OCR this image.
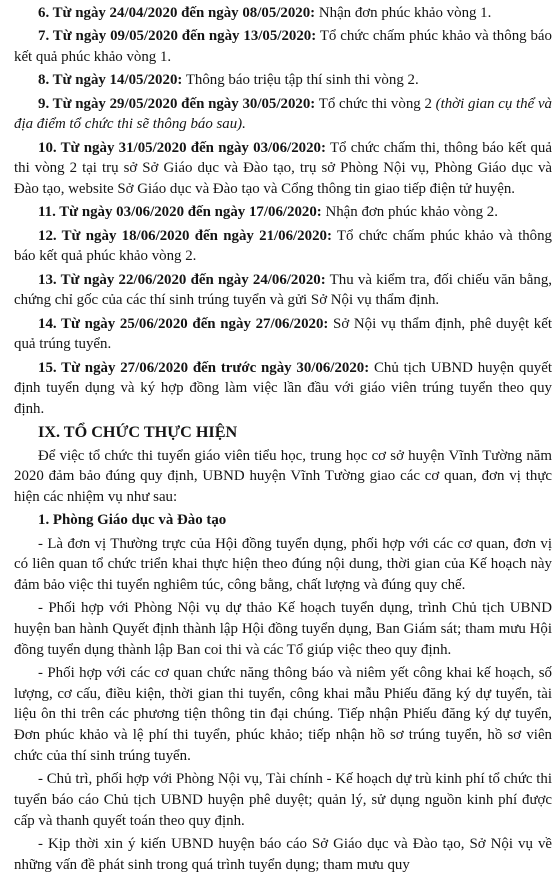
6. Từ ngày 24/04/2020 đến ngày 08/05/2020: Nhận đơn phúc khảo vòng 1.

7. Từ ngày 09/05/2020 đến ngày 13/05/2020: Tổ chức chấm phúc khảo và thông báo kết quả phúc khảo vòng 1.

8. Từ ngày 14/05/2020: Thông báo triệu tập thí sinh thi vòng 2.

9. Từ ngày 29/05/2020 đến ngày 30/05/2020: Tổ chức thi vòng 2 (thời gian cụ thể và địa điểm tổ chức thi sẽ thông báo sau).

10. Từ ngày 31/05/2020 đến ngày 03/06/2020: Tổ chức chấm thi, thông báo kết quả thi vòng 2 tại trụ sở Sở Giáo dục và Đào tạo, trụ sở Phòng Nội vụ, Phòng Giáo dục và Đào tạo, website Sở Giáo dục và Đào tạo và Cổng thông tin giao tiếp điện tử huyện.

11. Từ ngày 03/06/2020 đến ngày 17/06/2020: Nhận đơn phúc khảo vòng 2.

12. Từ ngày 18/06/2020 đến ngày 21/06/2020: Tổ chức chấm phúc khảo và thông báo kết quả phúc khảo vòng 2.

13. Từ ngày 22/06/2020 đến ngày 24/06/2020: Thu và kiểm tra, đối chiếu văn bằng, chứng chỉ gốc của các thí sinh trúng tuyển và gửi Sở Nội vụ thẩm định.

14. Từ ngày 25/06/2020 đến ngày 27/06/2020: Sở Nội vụ thẩm định, phê duyệt kết quả trúng tuyển.

15. Từ ngày 27/06/2020 đến trước ngày 30/06/2020: Chủ tịch UBND huyện quyết định tuyển dụng và ký hợp đồng làm việc lần đầu với giáo viên trúng tuyển theo quy định.

IX. TỔ CHỨC THỰC HIỆN

Để việc tổ chức thi tuyển giáo viên tiểu học, trung học cơ sở huyện Vĩnh Tường năm 2020 đảm bảo đúng quy định, UBND huyện Vĩnh Tường giao các cơ quan, đơn vị thực hiện các nhiệm vụ như sau:

1. Phòng Giáo dục và Đào tạo

- Là đơn vị Thường trực của Hội đồng tuyển dụng, phối hợp với các cơ quan, đơn vị có liên quan tổ chức triển khai thực hiện theo đúng nội dung, thời gian của Kế hoạch này đảm bảo việc thi tuyển nghiêm túc, công bằng, chất lượng và đúng quy chế.

- Phối hợp với Phòng Nội vụ dự thảo Kế hoạch tuyển dụng, trình Chủ tịch UBND huyện ban hành Quyết định thành lập Hội đồng tuyển dụng, Ban Giám sát; tham mưu Hội đồng tuyển dụng thành lập Ban coi thi và các Tổ giúp việc theo quy định.

- Phối hợp với các cơ quan chức năng thông báo và niêm yết công khai kế hoạch, số lượng, cơ cấu, điều kiện, thời gian thi tuyển, công khai mẫu Phiếu đăng ký dự tuyển, tài liệu ôn thi trên các phương tiện thông tin đại chúng. Tiếp nhận Phiếu đăng ký dự tuyển, Đơn phúc khảo và lệ phí thi tuyển, phúc khảo; tiếp nhận hồ sơ trúng tuyển, hồ sơ viên chức của thí sinh trúng tuyển.

- Chủ trì, phối hợp với Phòng Nội vụ, Tài chính - Kế hoạch dự trù kinh phí tổ chức thi tuyển báo cáo Chủ tịch UBND huyện phê duyệt; quản lý, sử dụng nguồn kinh phí được cấp và thanh quyết toán theo quy định.

- Kịp thời xin ý kiến UBND huyện báo cáo Sở Giáo dục và Đào tạo, Sở Nội vụ về những vấn đề phát sinh trong quá trình tuyển dụng; tham mưu quy
